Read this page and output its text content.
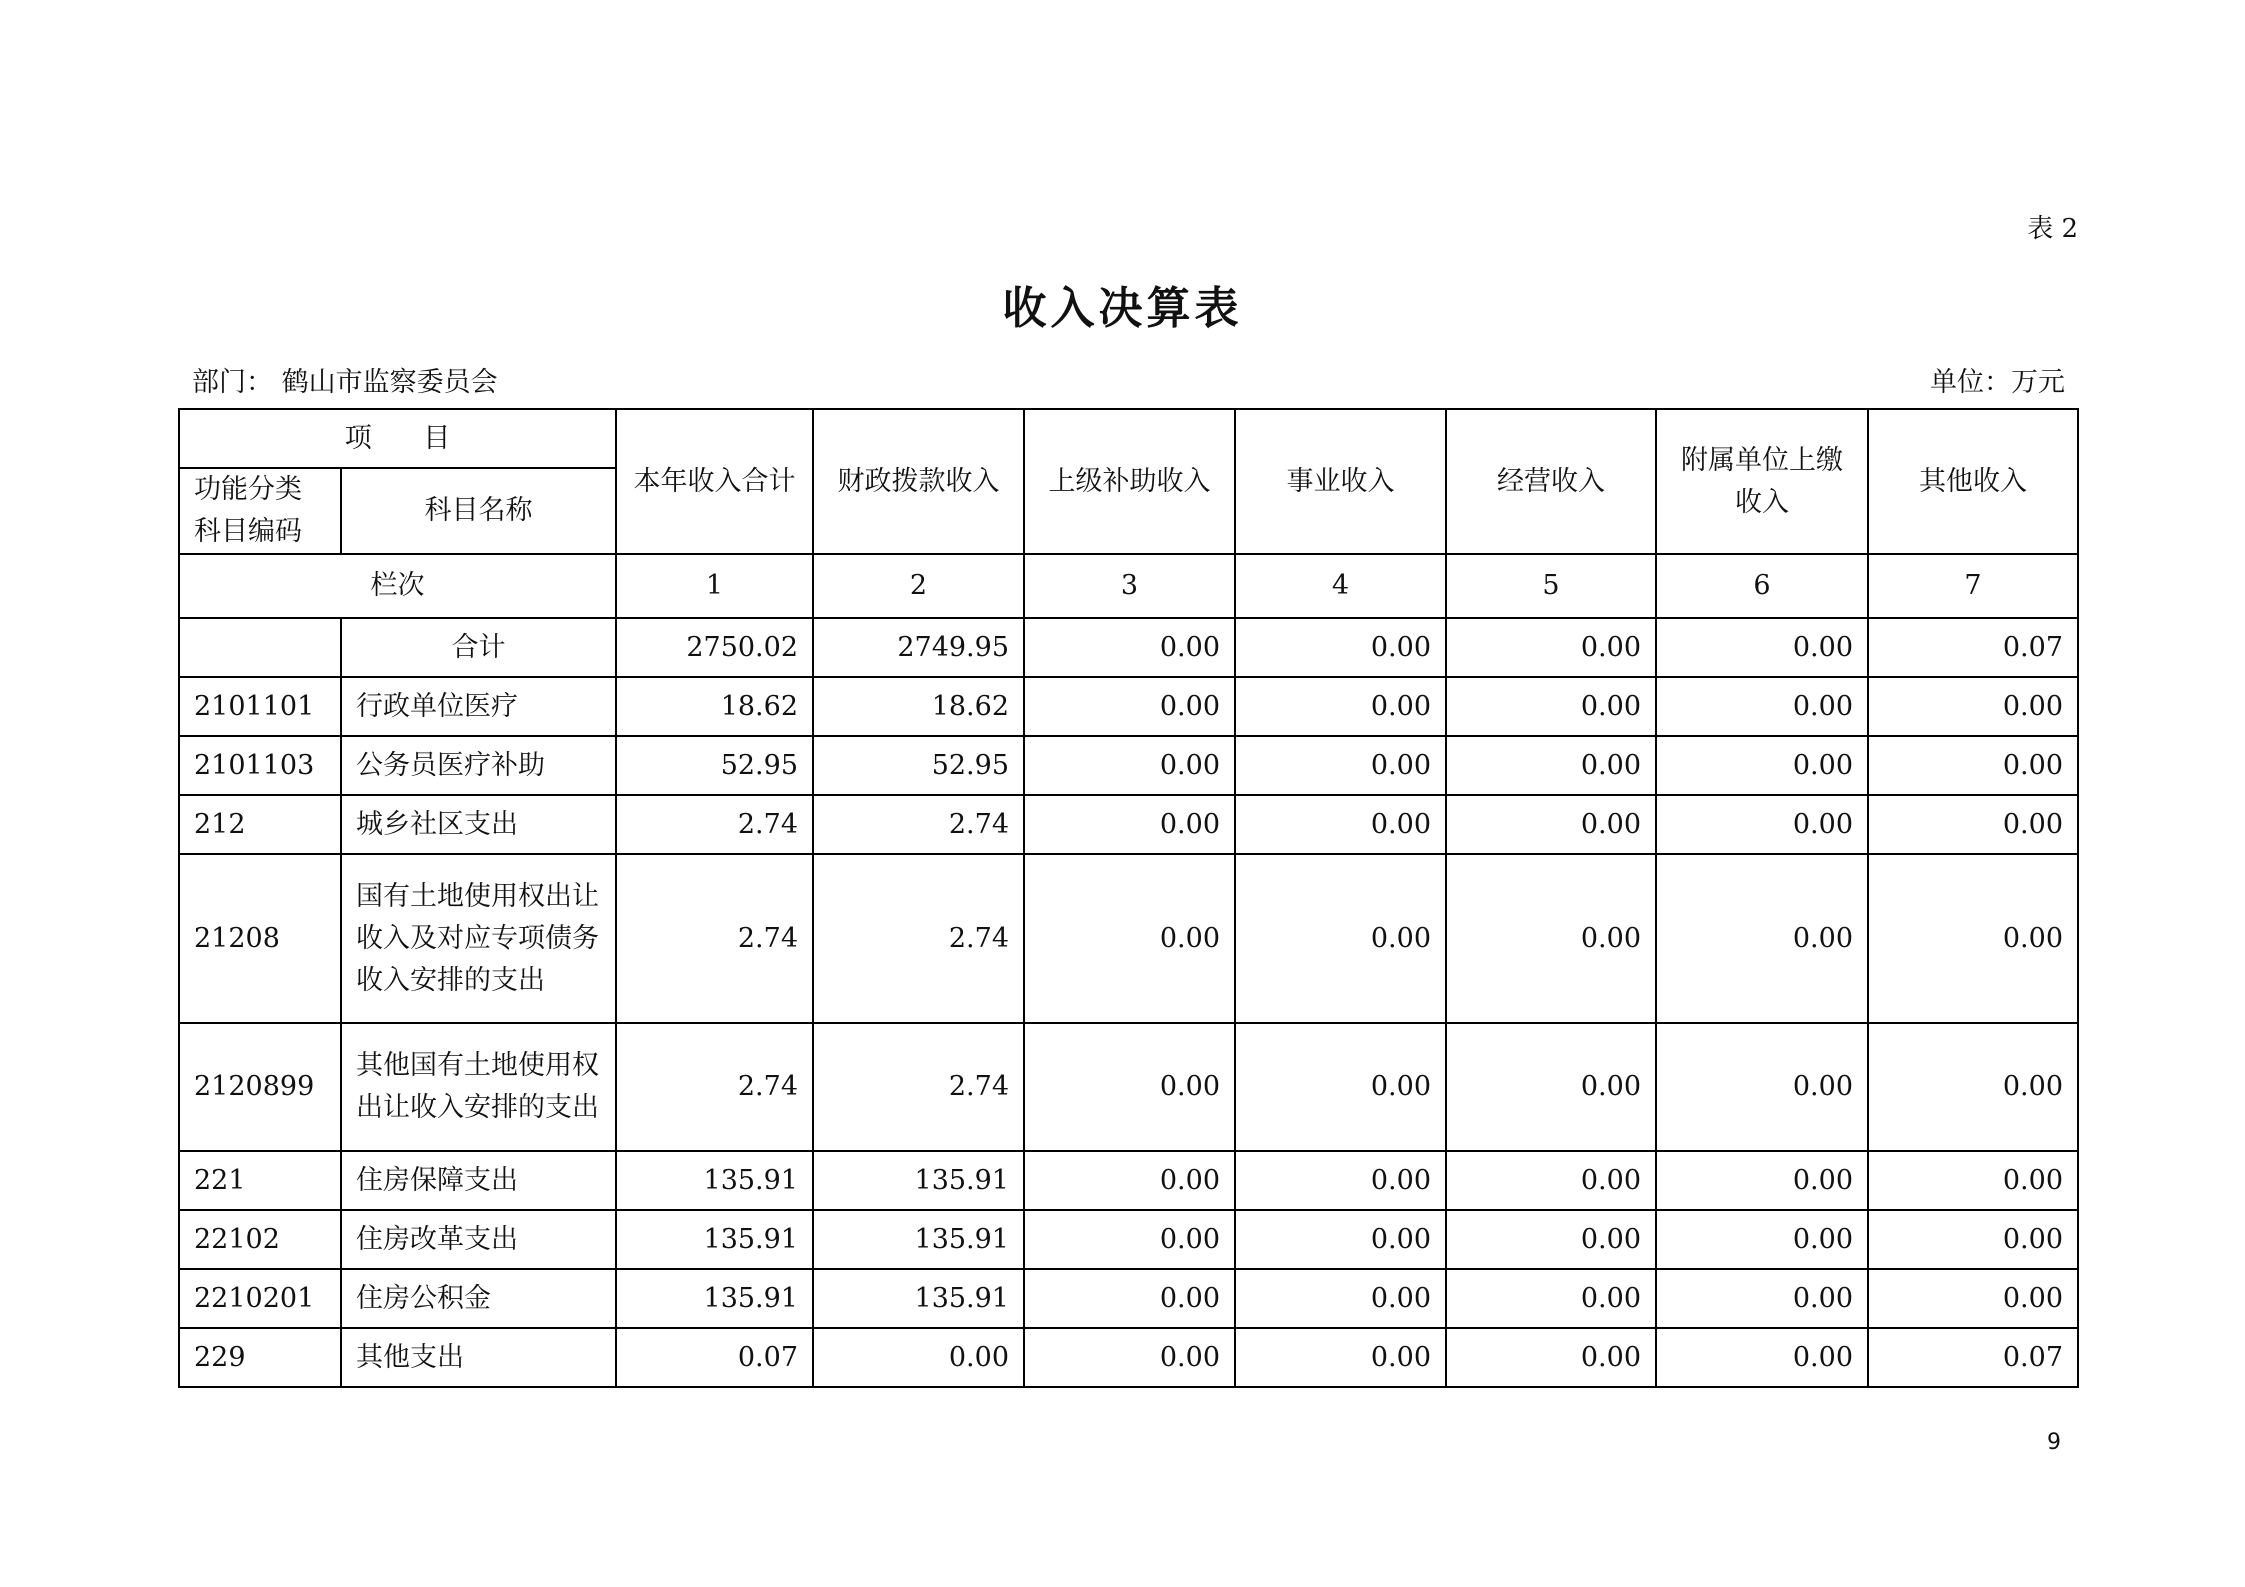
表 2
收入决算表
部门： 鹤山市监察委员会	单位：万元
项      目		本年收入合计	财政拨款收入	上级补助收入	事业收入	经营收入	附属单位上缴收入	其他收入
功能分类科目编码	科目名称							
栏次		1	2	3	4	5	6	7
	合计	2750.02	2749.95	0.00	0.00	0.00	0.00	0.07
2101101	行政单位医疗	18.62	18.62	0.00	0.00	0.00	0.00	0.00
2101103	公务员医疗补助	52.95	52.95	0.00	0.00	0.00	0.00	0.00
212	城乡社区支出	2.74	2.74	0.00	0.00	0.00	0.00	0.00
21208	国有土地使用权出让收入及对应专项债务收入安排的支出	2.74	2.74	0.00	0.00	0.00	0.00	0.00
2120899	其他国有土地使用权出让收入安排的支出	2.74	2.74	0.00	0.00	0.00	0.00	0.00
221	住房保障支出	135.91	135.91	0.00	0.00	0.00	0.00	0.00
22102	住房改革支出	135.91	135.91	0.00	0.00	0.00	0.00	0.00
2210201	住房公积金	135.91	135.91	0.00	0.00	0.00	0.00	0.00
229	其他支出	0.07	0.00	0.00	0.00	0.00	0.00	0.07
9
